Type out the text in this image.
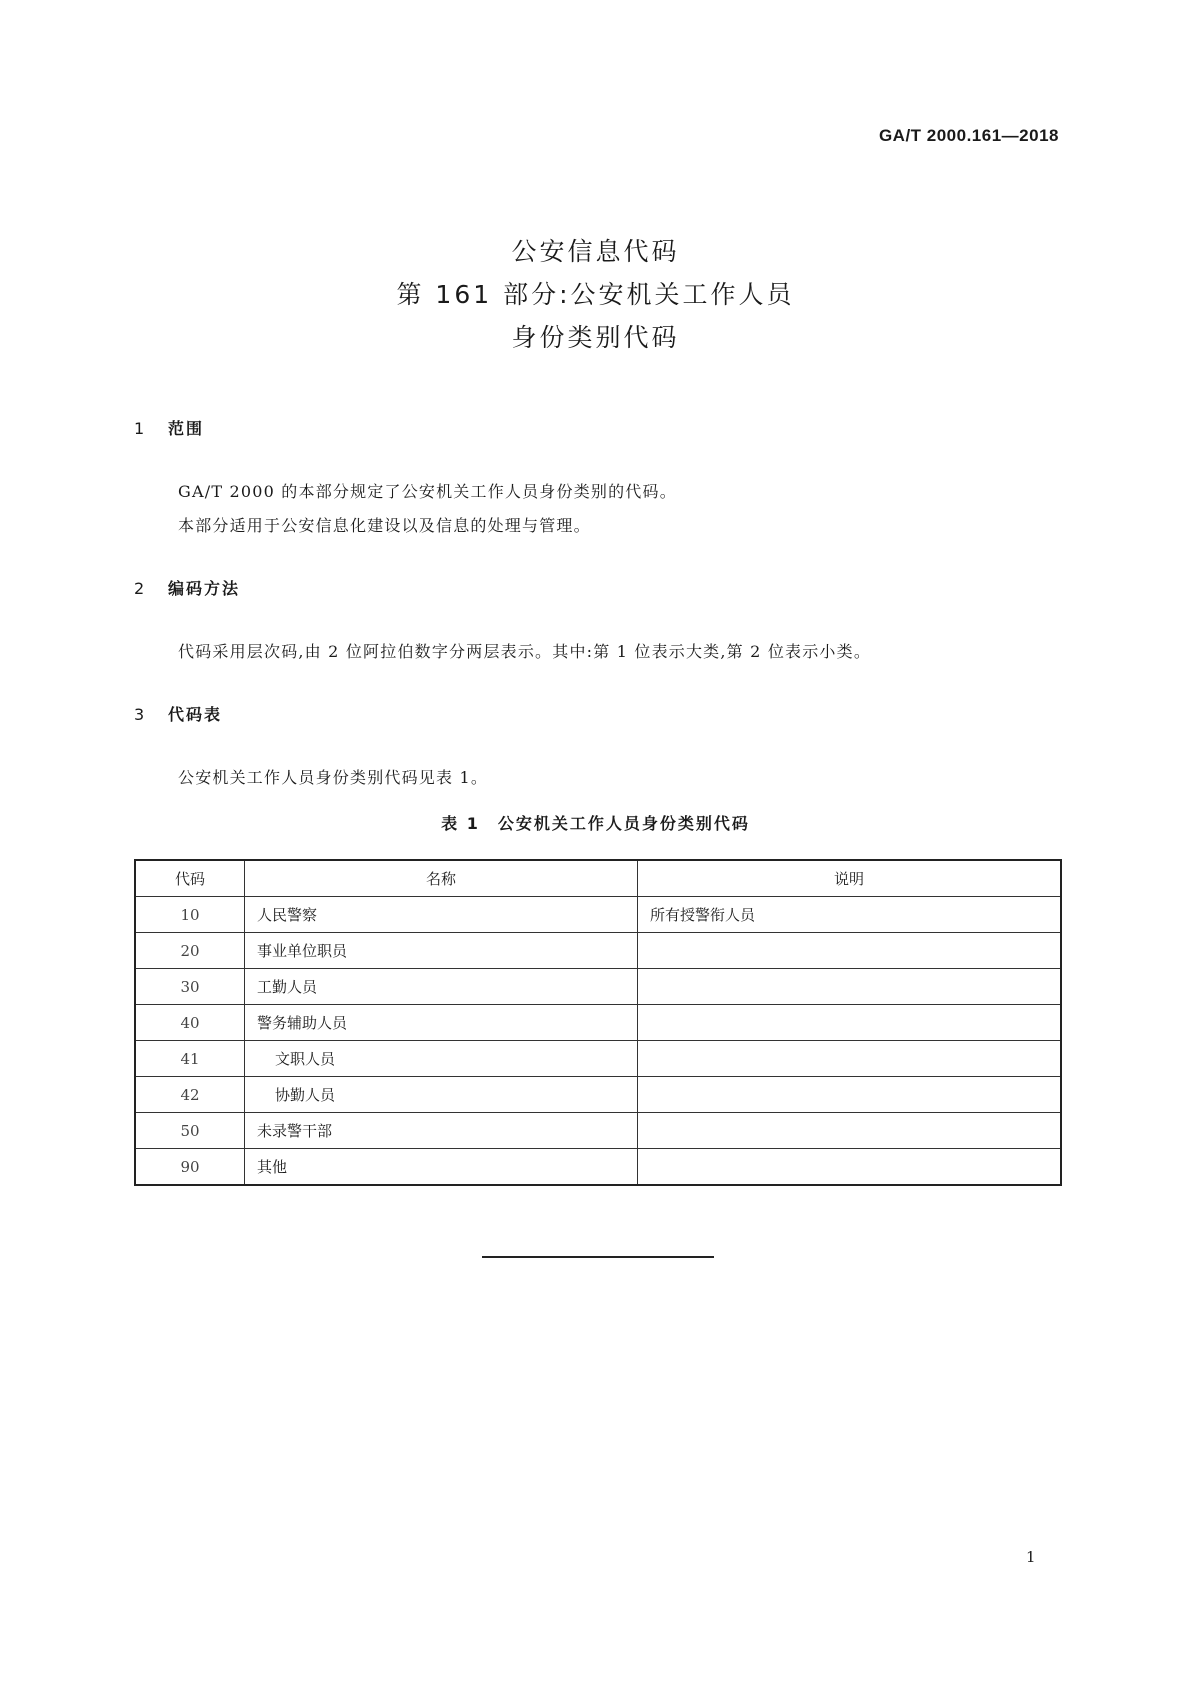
GA/T 2000.161—2018
公安信息代码
第 161 部分:公安机关工作人员
身份类别代码
1 范围
GA/T 2000 的本部分规定了公安机关工作人员身份类别的代码。
本部分适用于公安信息化建设以及信息的处理与管理。
2 编码方法
代码采用层次码,由 2 位阿拉伯数字分两层表示。其中:第 1 位表示大类,第 2 位表示小类。
3 代码表
公安机关工作人员身份类别代码见表 1。
表 1　公安机关工作人员身份类别代码
代码	名称	说明
10	人民警察	所有授警衔人员
20	事业单位职员	
30	工勤人员	
40	警务辅助人员	
41	文职人员	
42	协勤人员	
50	未录警干部	
90	其他	
1
